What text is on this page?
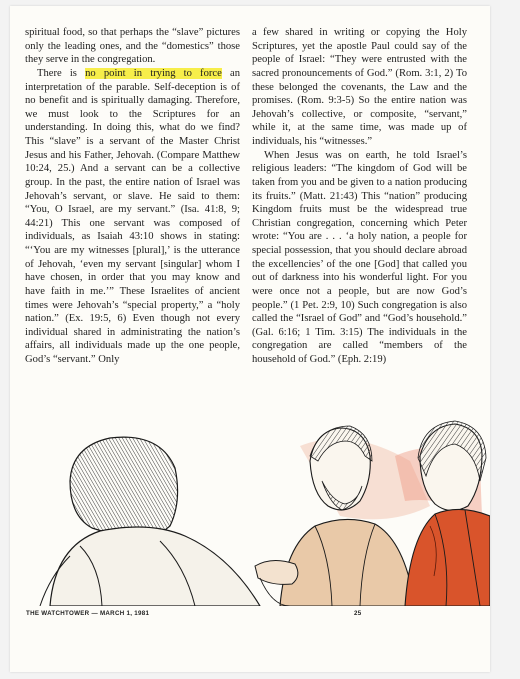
spiritual food, so that perhaps the “slave” pictures only the leading ones, and the “domestics” those they serve in the congregation.

There is no point in trying to force an interpretation of the parable. Self-deception is of no benefit and is spiritually damaging. Therefore, we must look to the Scriptures for an understanding. In doing this, what do we find? This “slave” is a servant of the Master Christ Jesus and his Father, Jehovah. (Compare Matthew 10:24, 25.) And a servant can be a collective group. In the past, the entire nation of Israel was Jehovah’s servant, or slave. He said to them: “You, O Israel, are my servant.” (Isa. 41:8, 9; 44:21) This one servant was composed of individuals, as Isaiah 43:10 shows in stating: “‘You are my witnesses [plural],’ is the utterance of Jehovah, ‘even my servant [singular] whom I have chosen, in order that you may know and have faith in me.’” These Israelites of ancient times were Jehovah’s “special property,” a “holy nation.” (Ex. 19:5, 6) Even though not every individual shared in administrating the nation’s affairs, all individuals made up the one people, God’s “servant.” Only

a few shared in writing or copying the Holy Scriptures, yet the apostle Paul could say of the people of Israel: “They were entrusted with the sacred pronouncements of God.” (Rom. 3:1, 2) To these belonged the covenants, the Law and the promises. (Rom. 9:3-5) So the entire nation was Jehovah’s collective, or composite, “servant,” while it, at the same time, was made up of individuals, his “witnesses.”

When Jesus was on earth, he told Israel’s religious leaders: “The kingdom of God will be taken from you and be given to a nation producing its fruits.” (Matt. 21:43) This “nation” producing Kingdom fruits must be the widespread true Christian congregation, concerning which Peter wrote: “You are . . . ‘a holy nation, a people for special possession, that you should declare abroad the excellencies’ of the one [God] that called you out of darkness into his wonderful light. For you were once not a people, but are now God’s people.” (1 Pet. 2:9, 10) Such congregation is also called the “Israel of God” and “God’s household.” (Gal. 6:16; 1 Tim. 3:15) The individuals in the congregation are called “members of the household of God.” (Eph. 2:19)

THE WATCHTOWER — MARCH 1, 1981	25
